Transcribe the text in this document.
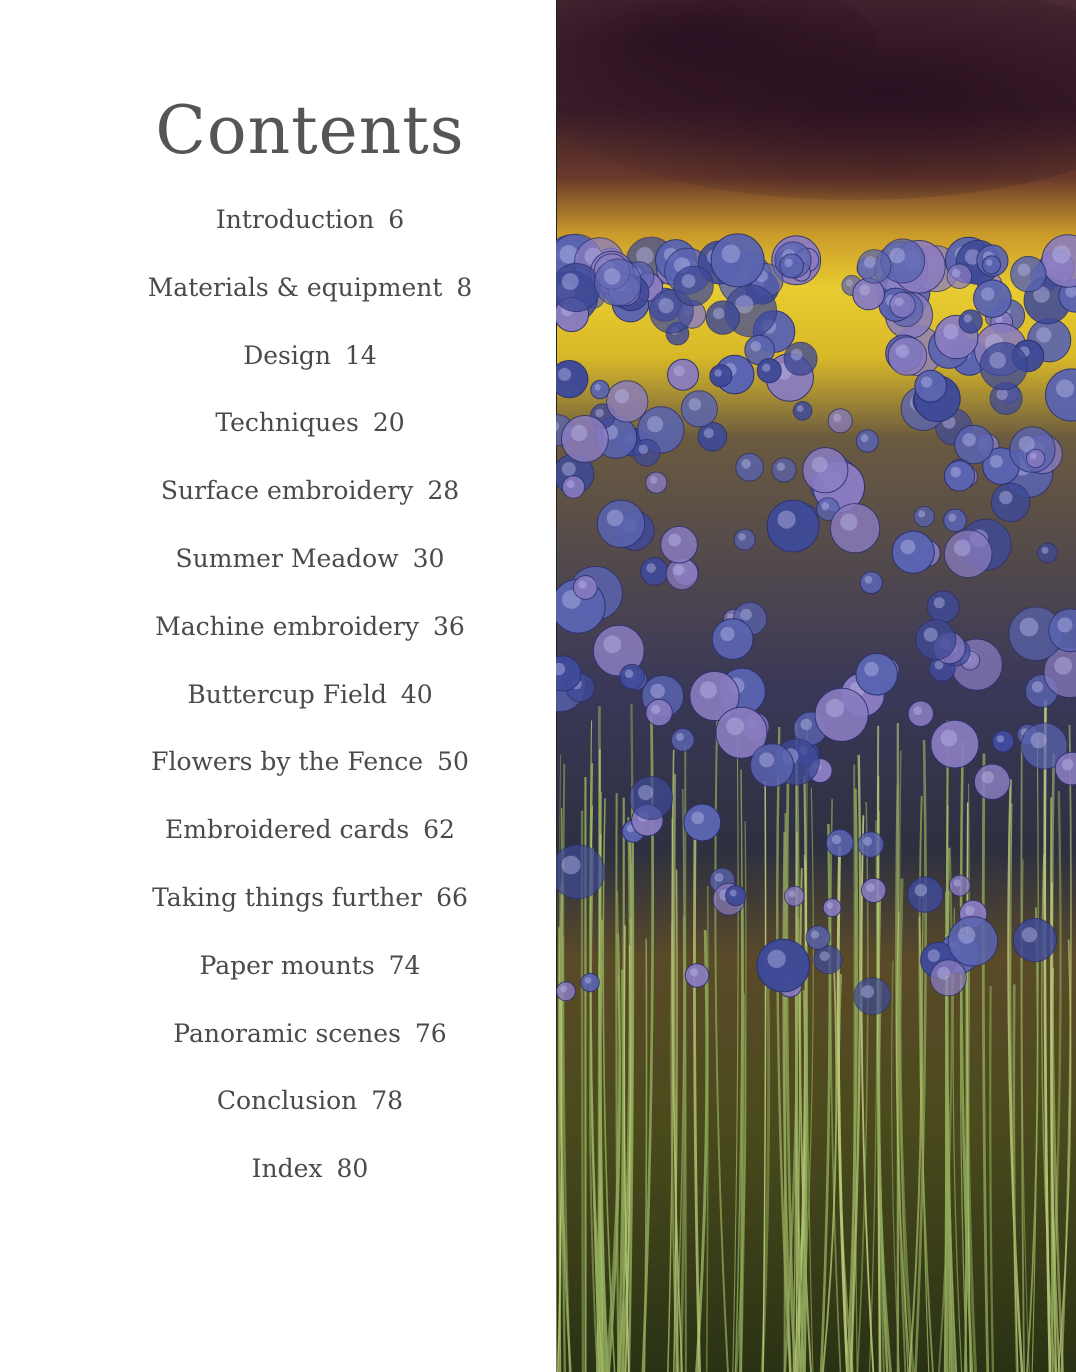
Contents
Introduction 6
Materials & equipment 8
Design 14
Techniques 20
Surface embroidery 28
Summer Meadow 30
Machine embroidery 36
Buttercup Field 40
Flowers by the Fence 50
Embroidered cards 62
Taking things further 66
Paper mounts 74
Panoramic scenes 76
Conclusion 78
Index 80
